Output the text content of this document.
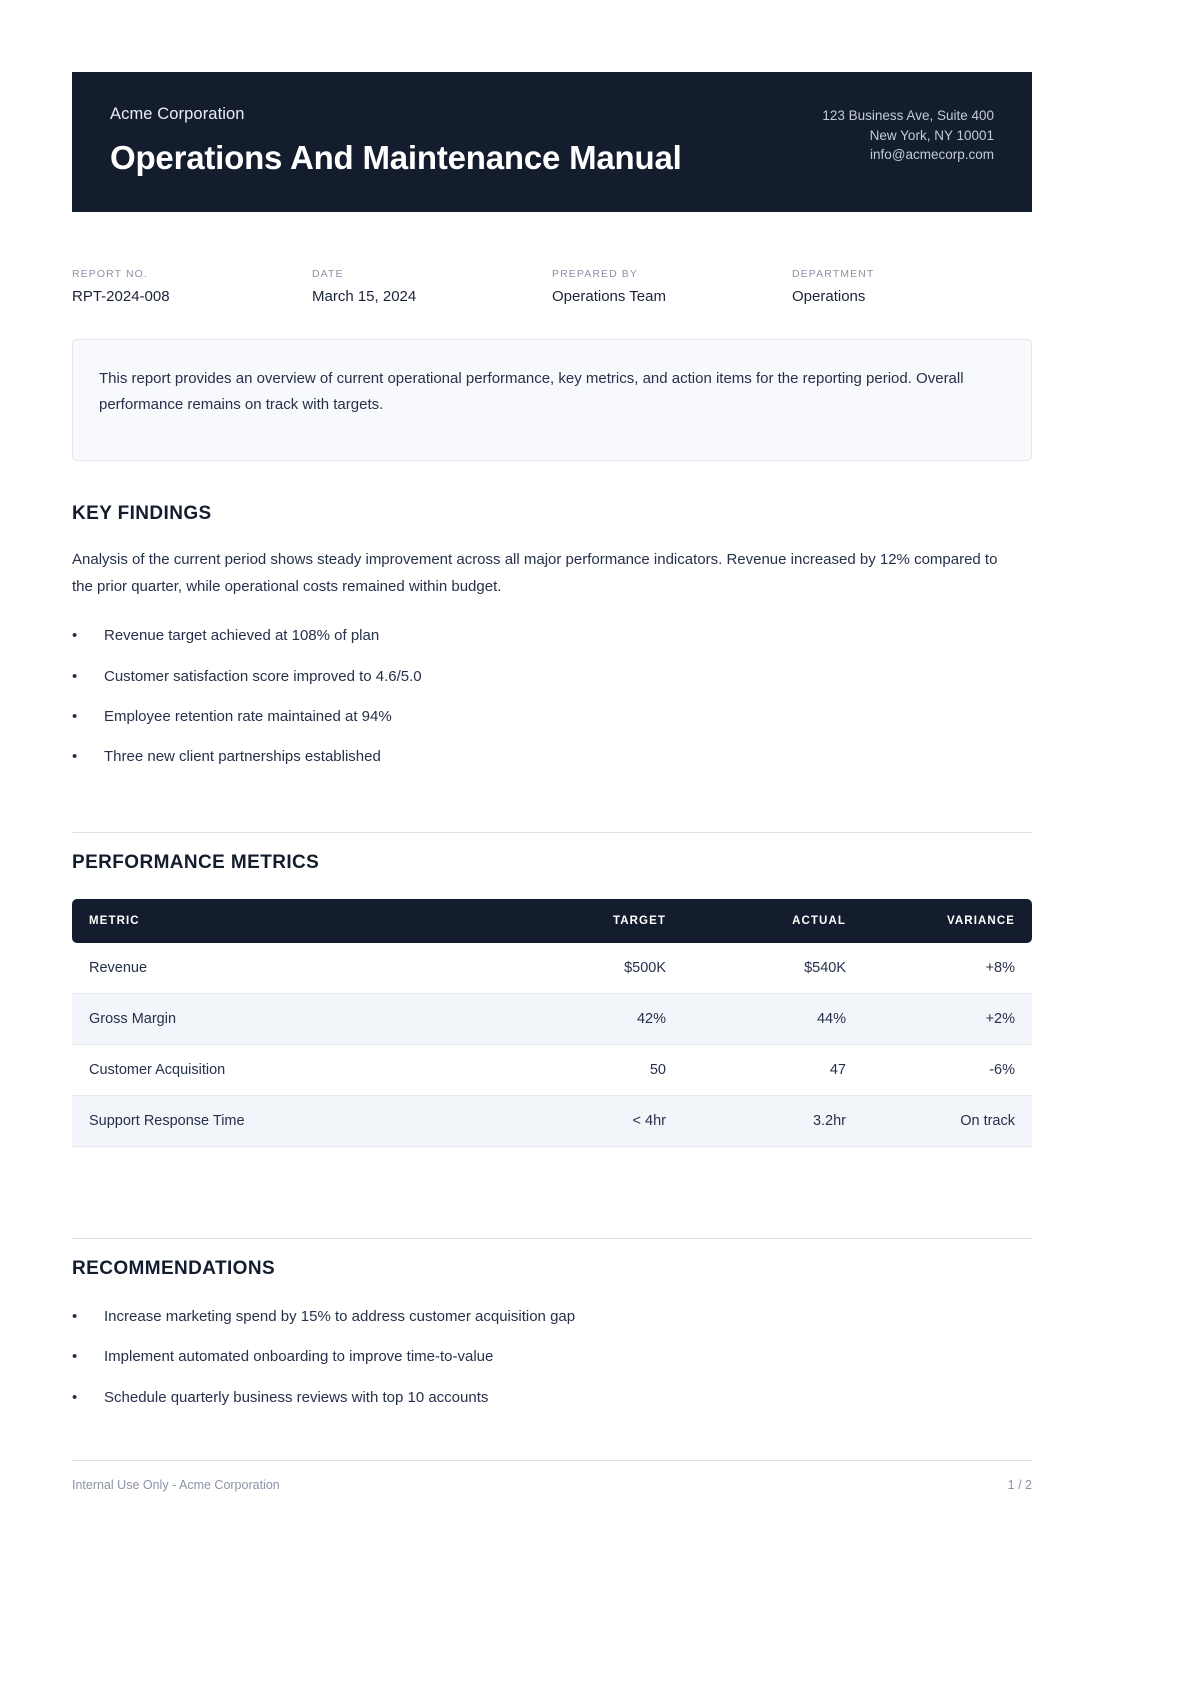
Acme Corporation
Operations And Maintenance Manual
123 Business Ave, Suite 400
New York, NY 10001
info@acmecorp.com
REPORT NO.
RPT-2024-008
DATE
March 15, 2024
PREPARED BY
Operations Team
DEPARTMENT
Operations
This report provides an overview of current operational performance, key metrics, and action items for the reporting period. Overall performance remains on track with targets.
KEY FINDINGS
Analysis of the current period shows steady improvement across all major performance indicators. Revenue increased by 12% compared to the prior quarter, while operational costs remained within budget.
• Revenue target achieved at 108% of plan
• Customer satisfaction score improved to 4.6/5.0
• Employee retention rate maintained at 94%
• Three new client partnerships established
PERFORMANCE METRICS
METRIC	TARGET	ACTUAL	VARIANCE
Revenue	$500K	$540K	+8%
Gross Margin	42%	44%	+2%
Customer Acquisition	50	47	-6%
Support Response Time	< 4hr	3.2hr	On track
RECOMMENDATIONS
• Increase marketing spend by 15% to address customer acquisition gap
• Implement automated onboarding to improve time-to-value
• Schedule quarterly business reviews with top 10 accounts
Internal Use Only - Acme Corporation	1 / 2
